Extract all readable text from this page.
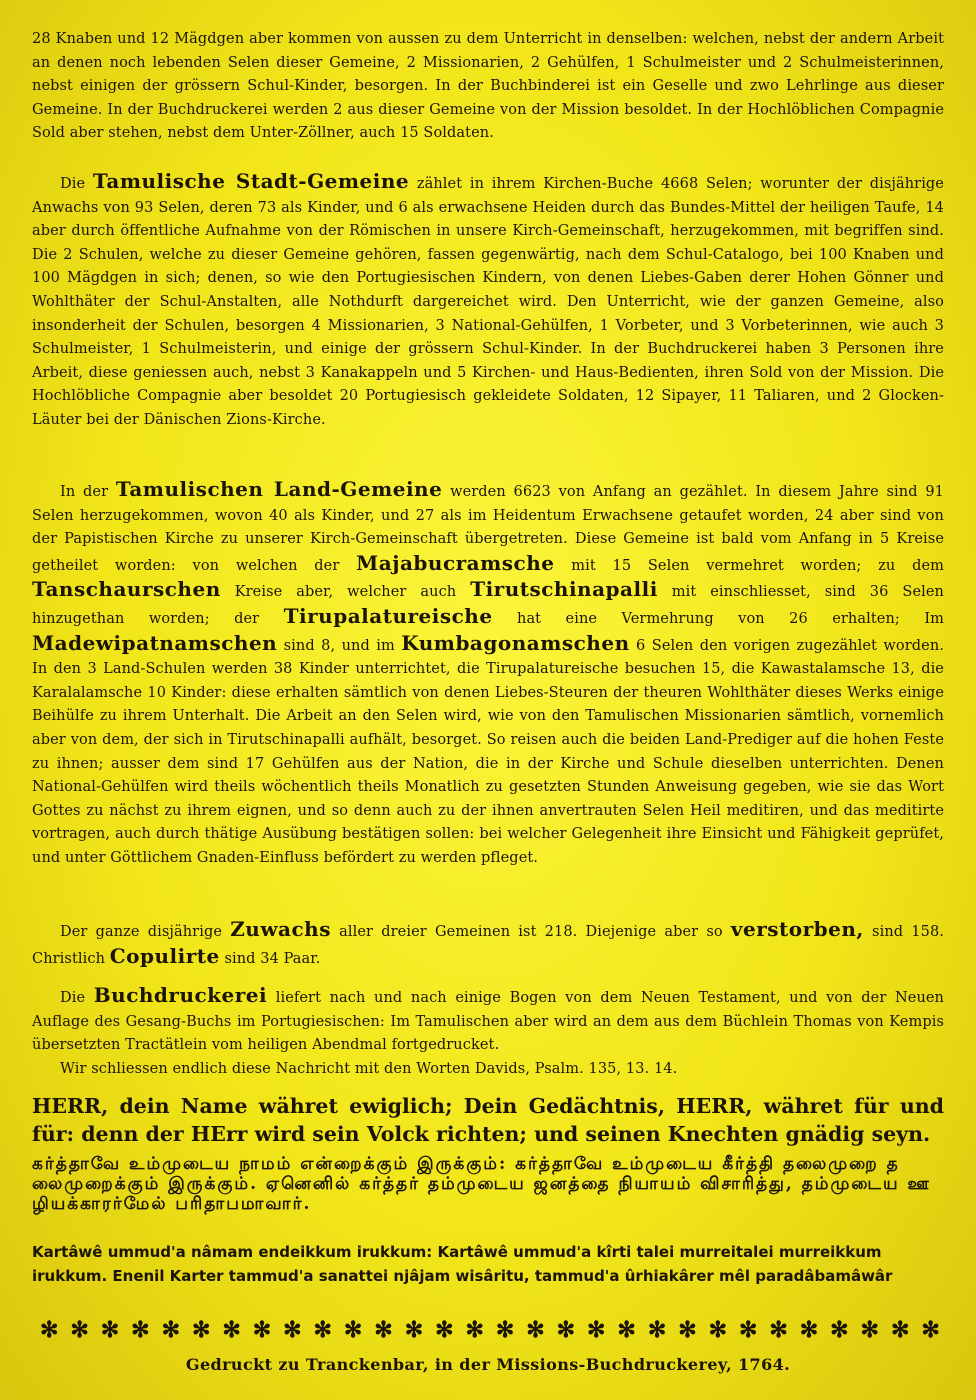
28 Knaben und 12 Mägdgen aber kommen von aussen zu dem Unterricht in denselben: welchen, nebst der andern Arbeit an denen noch lebenden Selen dieser Gemeine, 2 Missionarien, 2 Gehülfen, 1 Schulmeister und 2 Schulmeisterinnen, nebst einigen der grössern Schul-Kinder, besorgen. In der Buchbinderei ist ein Geselle und zwo Lehrlinge aus dieser Gemeine. In der Buchdruckerei werden 2 aus dieser Gemeine von der Mission besoldet. In der Hochlöblichen Compagnie Sold aber stehen, nebst dem Unter-Zöllner, auch 15 Soldaten.
Die Tamulische Stadt-Gemeine zählet in ihrem Kirchen-Buche 4668 Selen; worunter der disjährige Anwachs von 93 Selen, deren 73 als Kinder, und 6 als erwachsene Heiden durch das Bundes-Mittel der heiligen Taufe, 14 aber durch öffentliche Aufnahme von der Römischen in unsere Kirch-Gemeinschaft, herzugekommen, mit begriffen sind. Die 2 Schulen, welche zu dieser Gemeine gehören, fassen gegenwärtig, nach dem Schul-Catalogo, bei 100 Knaben und 100 Mägdgen in sich; denen, so wie den Portugiesischen Kindern, von denen Liebes-Gaben derer Hohen Gönner und Wohlthäter der Schul-Anstalten, alle Nothdurft dargereichet wird. Den Unterricht, wie der ganzen Gemeine, also insonderheit der Schulen, besorgen 4 Missionarien, 3 National-Gehülfen, 1 Vorbeter, und 3 Vorbeterinnen, wie auch 3 Schulmeister, 1 Schulmeisterin, und einige der grössern Schul-Kinder. In der Buchdruckerei haben 3 Personen ihre Arbeit, diese geniessen auch, nebst 3 Kanakappeln und 5 Kirchen- und Haus-Bedienten, ihren Sold von der Mission. Die Hochlöbliche Compagnie aber besoldet 20 Portugiesisch gekleidete Soldaten, 12 Sipayer, 11 Taliaren, und 2 Glocken-Läuter bei der Dänischen Zions-Kirche.
In der Tamulischen Land-Gemeine werden 6623 von Anfang an gezählet. In diesem Jahre sind 91 Selen herzugekommen, wovon 40 als Kinder, und 27 als im Heidentum Erwachsene getaufet worden, 24 aber sind von der Papistischen Kirche zu unserer Kirch-Gemeinschaft übergetreten. Diese Gemeine ist bald vom Anfang in 5 Kreise getheilet worden: von welchen der Majabucramsche mit 15 Selen vermehret worden; zu dem Tanschaurschen Kreise aber, welcher auch Tirutschinapalli mit einschliesset, sind 36 Selen hinzugethan worden; der Tirupalatureische hat eine Vermehrung von 26 erhalten; Im Madewipatnamschen sind 8, und im Kumbagonamschen 6 Selen den vorigen zugezählet worden. In den 3 Land-Schulen werden 38 Kinder unterrichtet, die Tirupalatureische besuchen 15, die Kawastalamsche 13, die Karalalamsche 10 Kinder: diese erhalten sämtlich von denen Liebes-Steuren der theuren Wohlthäter dieses Werks einige Beihülfe zu ihrem Unterhalt. Die Arbeit an den Selen wird, wie von den Tamulischen Missionarien sämtlich, vornemlich aber von dem, der sich in Tirutschinapalli aufhält, besorget. So reisen auch die beiden Land-Prediger auf die hohen Feste zu ihnen; ausser dem sind 17 Gehülfen aus der Nation, die in der Kirche und Schule dieselben unterrichten. Denen National-Gehülfen wird theils wöchentlich theils Monatlich zu gesetzten Stunden Anweisung gegeben, wie sie das Wort Gottes zu nächst zu ihrem eignen, und so denn auch zu der ihnen anvertrauten Selen Heil meditiren, und das meditirte vortragen, auch durch thätige Ausübung bestätigen sollen: bei welcher Gelegenheit ihre Einsicht und Fähigkeit geprüfet, und unter Göttlichem Gnaden-Einfluss befördert zu werden pfleget.
Der ganze disjährige Zuwachs aller dreier Gemeinen ist 218. Diejenige aber so verstorben, sind 158. Christlich Copulirte sind 34 Paar.
Die Buchdruckerei liefert nach und nach einige Bogen von dem Neuen Testament, und von der Neuen Auflage des Gesang-Buchs im Portugiesischen: Im Tamulischen aber wird an dem aus dem Büchlein Thomas von Kempis übersetzten Tractätlein vom heiligen Abendmal fortgedrucket.
Wir schliessen endlich diese Nachricht mit den Worten Davids, Psalm. 135, 13. 14.
HERR, dein Name währet ewiglich; Dein Gedächtnis, HERR, währet für und für: denn der HErr wird sein Volck richten; und seinen Knechten gnädig seyn.
கர்த்தாவே உம்முடைய நாமம் என்றைக்கும் இருக்கும்: கர்த்தாவே உம்முடைய கீர்த்தி தலைமுறை தலைமுறைக்கும் இருக்கும். ஏனெனில் கர்த்தர் தம்முடைய ஜனத்தை நியாயம் விசாரித்து, தம்முடைய ஊழியக்காரர்மேல் பரிதாபமாவார்.
Kartâwê ummud'a nâmam endeikkum irukkum: Kartâwê ummud'a kîrti talei murreitalei murreikkum irukkum. Enenil Karter tammud'a sanattei njâjam wisâritu, tammud'a ûrhiakârer mêl paradâbamâwâr
✻ ✻ ✻ ✻ ✻ ✻ ✻ ✻ ✻ ✻ ✻ ✻ ✻ ✻ ✻ ✻ ✻ ✻ ✻ ✻ ✻ ✻ ✻ ✻ ✻ ✻ ✻ ✻ ✻ ✻
Gedruckt zu Tranckenbar, in der Missions-Buchdruckerey, 1764.
